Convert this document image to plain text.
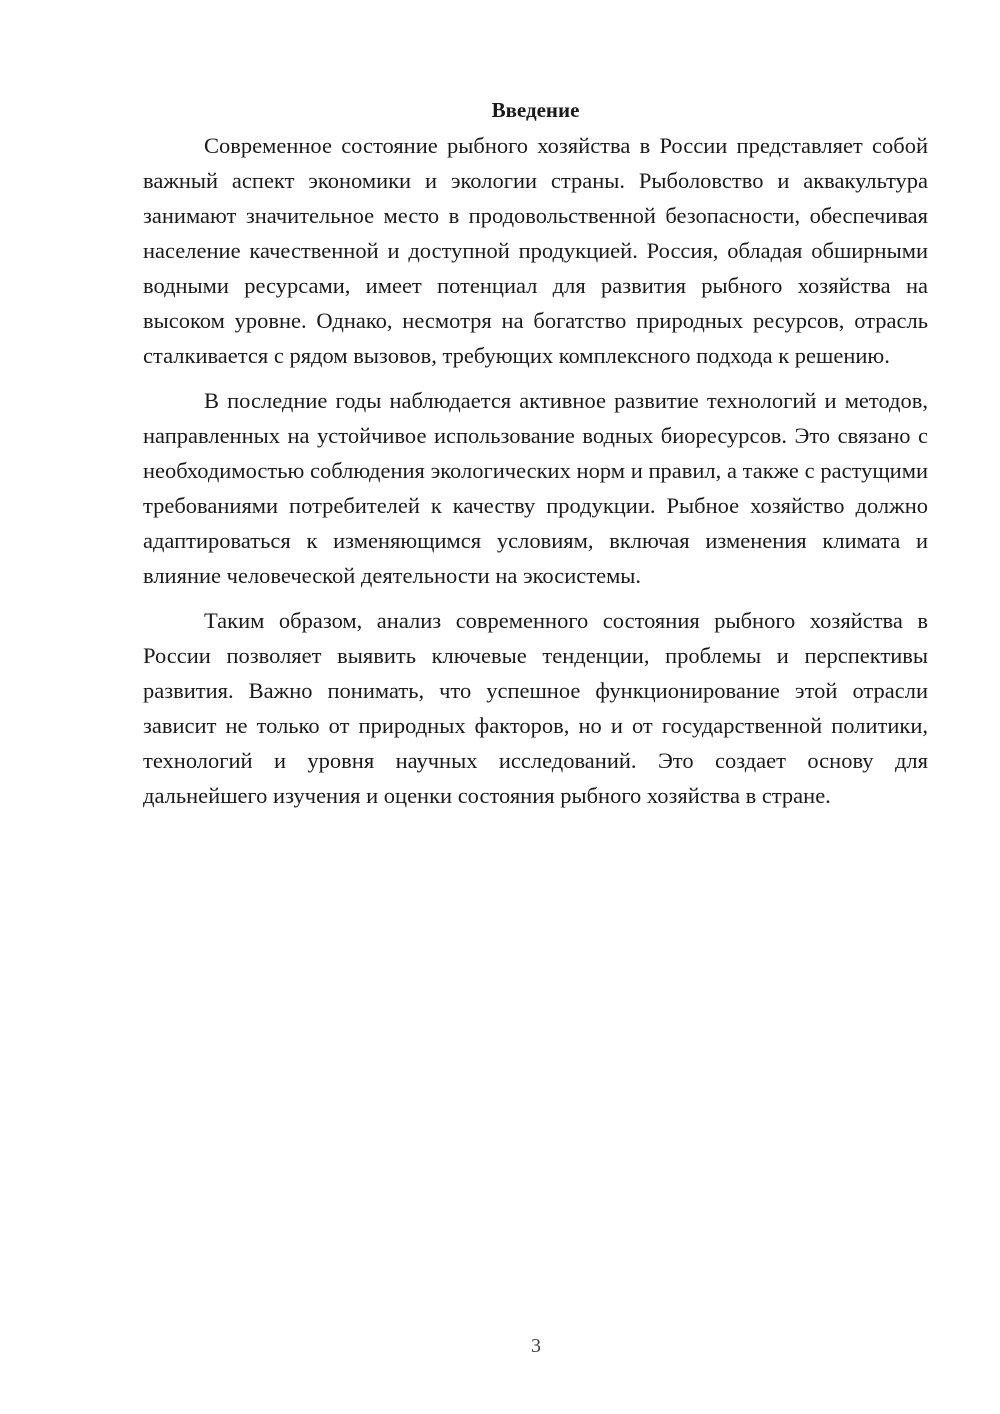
Введение

Современное состояние рыбного хозяйства в России представляет собой важный аспект экономики и экологии страны. Рыболовство и аквакультура занимают значительное место в продовольственной безопасности, обеспечивая население качественной и доступной продукцией. Россия, обладая обширными водными ресурсами, имеет потенциал для развития рыбного хозяйства на высоком уровне. Однако, несмотря на богатство природных ресурсов, отрасль сталкивается с рядом вызовов, требующих комплексного подхода к решению.

В последние годы наблюдается активное развитие технологий и методов, направленных на устойчивое использование водных биоресурсов. Это связано с необходимостью соблюдения экологических норм и правил, а также с растущими требованиями потребителей к качеству продукции. Рыбное хозяйство должно адаптироваться к изменяющимся условиям, включая изменения климата и влияние человеческой деятельности на экосистемы.

Таким образом, анализ современного состояния рыбного хозяйства в России позволяет выявить ключевые тенденции, проблемы и перспективы развития. Важно понимать, что успешное функционирование этой отрасли зависит не только от природных факторов, но и от государственной политики, технологий и уровня научных исследований. Это создает основу для дальнейшего изучения и оценки состояния рыбного хозяйства в стране.

3
